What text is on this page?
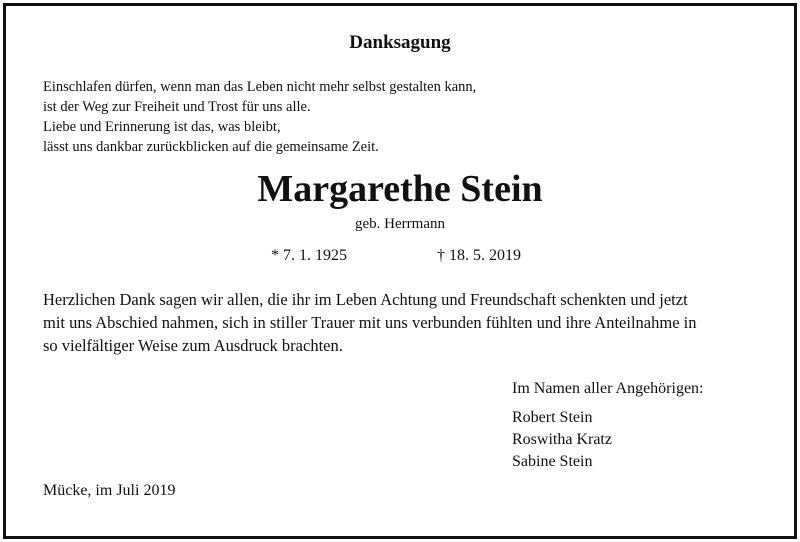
Danksagung
Einschlafen dürfen, wenn man das Leben nicht mehr selbst gestalten kann,
ist der Weg zur Freiheit und Trost für uns alle.
Liebe und Erinnerung ist das, was bleibt,
lässt uns dankbar zurückblicken auf die gemeinsame Zeit.
Margarethe Stein
geb. Herrmann
* 7. 1. 1925	† 18. 5. 2019
Herzlichen Dank sagen wir allen, die ihr im Leben Achtung und Freundschaft schenkten und jetzt
mit uns Abschied nahmen, sich in stiller Trauer mit uns verbunden fühlten und ihre Anteilnahme in
so vielfältiger Weise zum Ausdruck brachten.
Im Namen aller Angehörigen:
Robert Stein
Roswitha Kratz
Sabine Stein
Mücke, im Juli 2019
